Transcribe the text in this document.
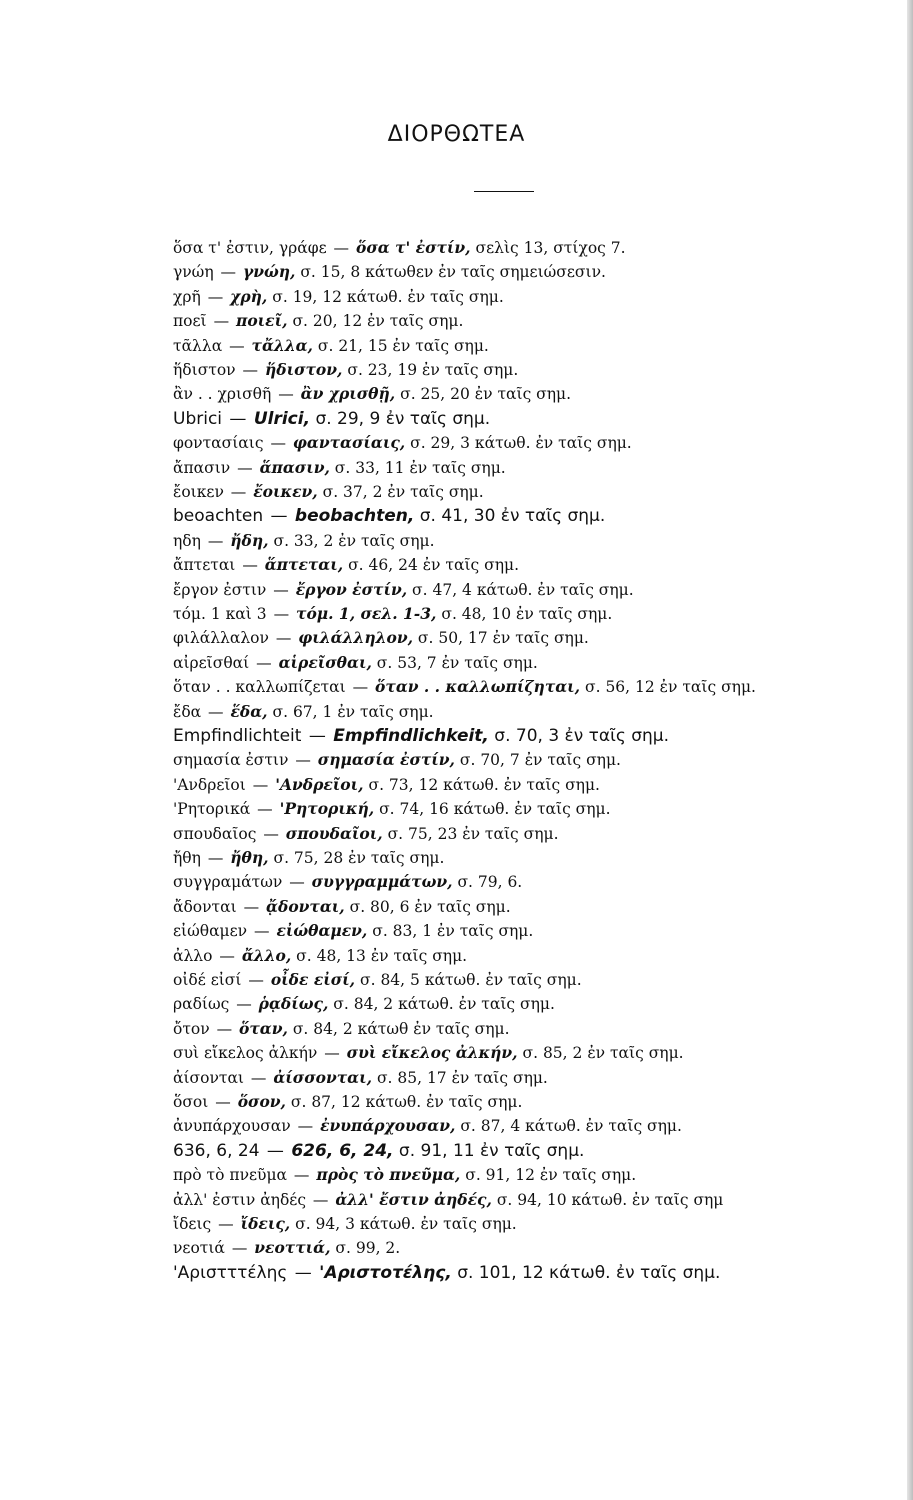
ΔΙΟΡΘΩΤΕΑ
ὅσα τ' ἐστιν, γράφε — ὅσα τ' ἐστίν, σελὶς 13, στίχος 7.
γνώη — γνώη, σ. 15, 8 κάτωθεν ἐν ταῖς σημειώσεσιν.
χρῆ — χρὴ, σ. 19, 12 κάτωθ. ἐν ταῖς σημ.
ποεῖ — ποιεῖ, σ. 20, 12 ἐν ταῖς σημ.
τᾶλλα — τἄλλα, σ. 21, 15 ἐν ταῖς σημ.
ἥδιστον — ἥδιστον, σ. 23, 19 ἐν ταῖς σημ.
ἂν . . χρισθῆ — ἂν χρισθῇ, σ. 25, 20 ἐν ταῖς σημ.
Ubrici — Ulrici, σ. 29, 9 ἐν ταῖς σημ.
φοντασίαις — φαντασίαις, σ. 29, 3 κάτωθ. ἐν ταῖς σημ.
ἄπασιν — ἅπασιν, σ. 33, 11 ἐν ταῖς σημ.
ἔοικεν — ἔοικεν, σ. 37, 2 ἐν ταῖς σημ.
beoachten — beobachten, σ. 41, 30 ἐν ταῖς σημ.
ηδη — ἤδη, σ. 33, 2 ἐν ταῖς σημ.
ἄπτεται — ἅπτεται, σ. 46, 24 ἐν ταῖς σημ.
ἔργον ἐστιν — ἔργον ἐστίν, σ. 47, 4 κάτωθ. ἐν ταῖς σημ.
τόμ. 1 καὶ 3 — τόμ. 1, σελ. 1-3, σ. 48, 10 ἐν ταῖς σημ.
φιλάλλαλον — φιλάλληλον, σ. 50, 17 ἐν ταῖς σημ.
αἰρεῖσθαί — αἱρεῖσθαι, σ. 53, 7 ἐν ταῖς σημ.
ὅταν . . καλλωπίζεται — ὅταν . . καλλωπίζηται, σ. 56, 12 ἐν ταῖς σημ.
ἔδα — ἕδα, σ. 67, 1 ἐν ταῖς σημ.
Empfindlichteit — Empfindlichkeit, σ. 70, 3 ἐν ταῖς σημ.
σημασία ἐστιν — σημασία ἐστίν, σ. 70, 7 ἐν ταῖς σημ.
'Ανδρεῖοι — 'Ανδρεῖοι, σ. 73, 12 κάτωθ. ἐν ταῖς σημ.
'Ρητορικά — 'Ρητορική, σ. 74, 16 κάτωθ. ἐν ταῖς σημ.
σπουδαῖος — σπουδαῖοι, σ. 75, 23 ἐν ταῖς σημ.
ἤθη — ἤθη, σ. 75, 28 ἐν ταῖς σημ.
συγγραμάτων — συγγραμμάτων, σ. 79, 6.
ἄδονται — ᾄδονται, σ. 80, 6 ἐν ταῖς σημ.
εἰώθαμεν — εἰώθαμεν, σ. 83, 1 ἐν ταῖς σημ.
ἀλλο — ἄλλο, σ. 48, 13 ἐν ταῖς σημ.
οἰδέ εἰσί — οἶδε εἰσί, σ. 84, 5 κάτωθ. ἐν ταῖς σημ.
ραδίως — ῥᾳδίως, σ. 84, 2 κάτωθ. ἐν ταῖς σημ.
ὄτον — ὅταν, σ. 84, 2 κάτωθ ἐν ταῖς σημ.
συὶ εἴκελος ἀλκήν — συὶ εἴκελος ἀλκήν, σ. 85, 2 ἐν ταῖς σημ.
ἀίσονται — ἀίσσονται, σ. 85, 17 ἐν ταῖς σημ.
ὅσοι — ὅσον, σ. 87, 12 κάτωθ. ἐν ταῖς σημ.
ἀνυπάρχουσαν — ἐνυπάρχουσαν, σ. 87, 4 κάτωθ. ἐν ταῖς σημ.
636, 6, 24 — 626, 6, 24, σ. 91, 11 ἐν ταῖς σημ.
πρὸ τὸ πνεῦμα — πρὸς τὸ πνεῦμα, σ. 91, 12 ἐν ταῖς σημ.
ἀλλ' ἐστιν ἀηδές — ἀλλ' ἔστιν ἀηδές, σ. 94, 10 κάτωθ. ἐν ταῖς σημ
ἴδεις — ἴδεις, σ. 94, 3 κάτωθ. ἐν ταῖς σημ.
νεοτιά — νεοττιά, σ. 99, 2.
'Αριστττέλης — 'Αριστοτέλης, σ. 101, 12 κάτωθ. ἐν ταῖς σημ.
